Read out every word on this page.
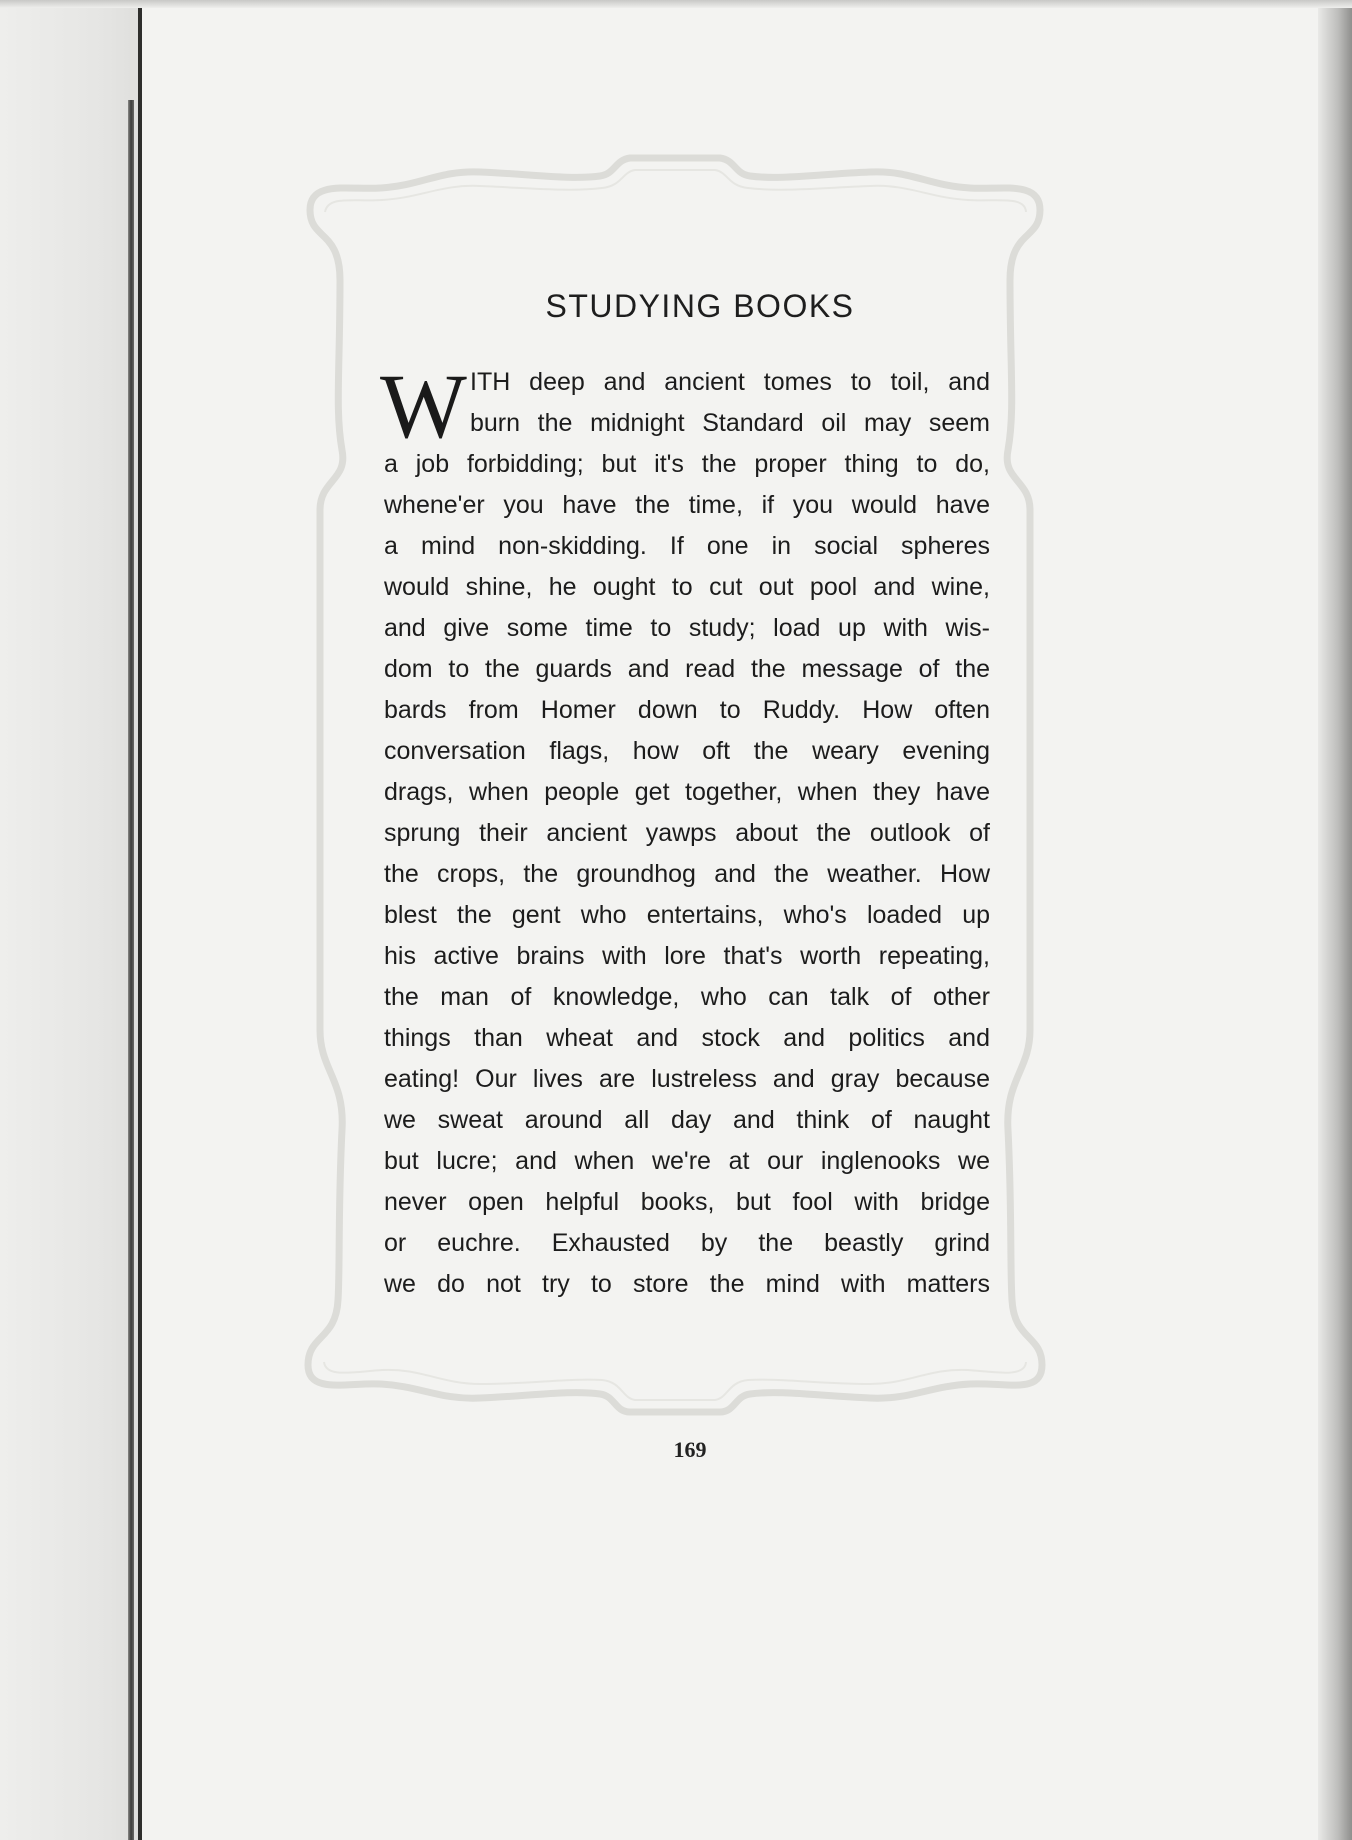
STUDYING BOOKS
W ITH deep and ancient tomes to toil, and
burn the midnight Standard oil may seem
a job forbidding; but it's the proper thing to do,
whene'er you have the time, if you would have
a mind non-skidding. If one in social spheres
would shine, he ought to cut out pool and wine,
and give some time to study; load up with wis-
dom to the guards and read the message of the
bards from Homer down to Ruddy. How often
conversation flags, how oft the weary evening
drags, when people get together, when they have
sprung their ancient yawps about the outlook of
the crops, the groundhog and the weather. How
blest the gent who entertains, who's loaded up
his active brains with lore that's worth repeating,
the man of knowledge, who can talk of other
things than wheat and stock and politics and
eating! Our lives are lustreless and gray because
we sweat around all day and think of naught
but lucre; and when we're at our inglenooks we
never open helpful books, but fool with bridge
or euchre. Exhausted by the beastly grind
we do not try to store the mind with matters
169
